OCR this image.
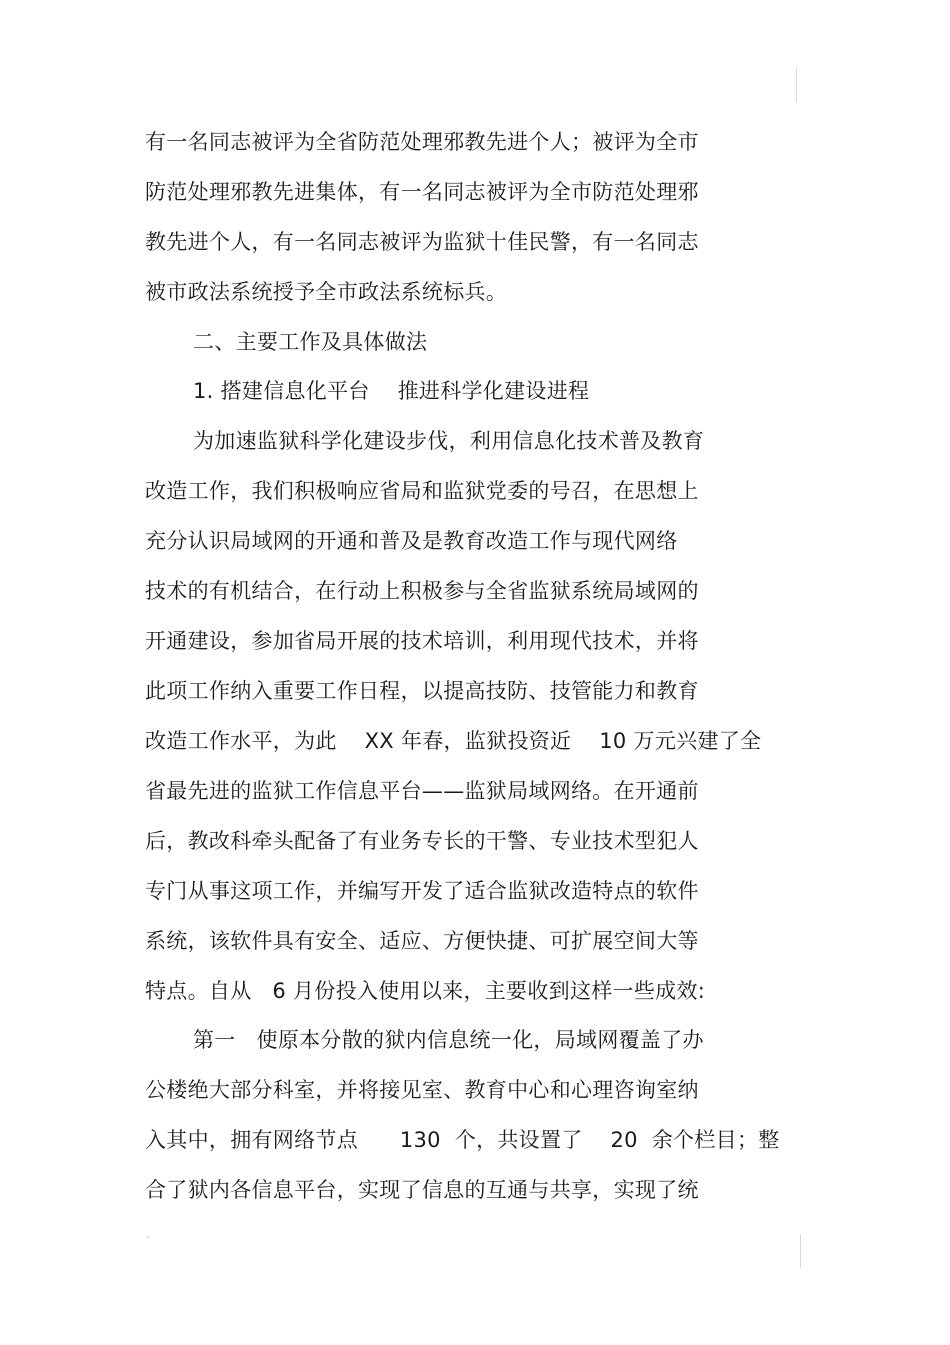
有一名同志被评为全省防范处理邪教先进个人；被评为全市
防范处理邪教先进集体，有一名同志被评为全市防范处理邪
教先进个人，有一名同志被评为监狱十佳民警，有一名同志
被市政法系统授予全市政法系统标兵。
二、主要工作及具体做法
1. 搭建信息化平台    推进科学化建设进程
为加速监狱科学化建设步伐，利用信息化技术普及教育
改造工作，我们积极响应省局和监狱党委的号召，在思想上
充分认识局域网的开通和普及是教育改造工作与现代网络
技术的有机结合，在行动上积极参与全省监狱系统局域网的
开通建设，参加省局开展的技术培训，利用现代技术，并将
此项工作纳入重要工作日程，以提高技防、技管能力和教育
改造工作水平，为此    XX 年春，监狱投资近    10 万元兴建了全
省最先进的监狱工作信息平台——监狱局域网络。在开通前
后，教改科牵头配备了有业务专长的干警、专业技术型犯人
专门从事这项工作，并编写开发了适合监狱改造特点的软件
系统，该软件具有安全、适应、方便快捷、可扩展空间大等
特点。自从   6 月份投入使用以来，主要收到这样一些成效:
第一   使原本分散的狱内信息统一化，局域网覆盖了办
公楼绝大部分科室，并将接见室、教育中心和心理咨询室纳
入其中，拥有网络节点      130  个，共设置了    20  余个栏目；整
合了狱内各信息平台，实现了信息的互通与共享，实现了统
